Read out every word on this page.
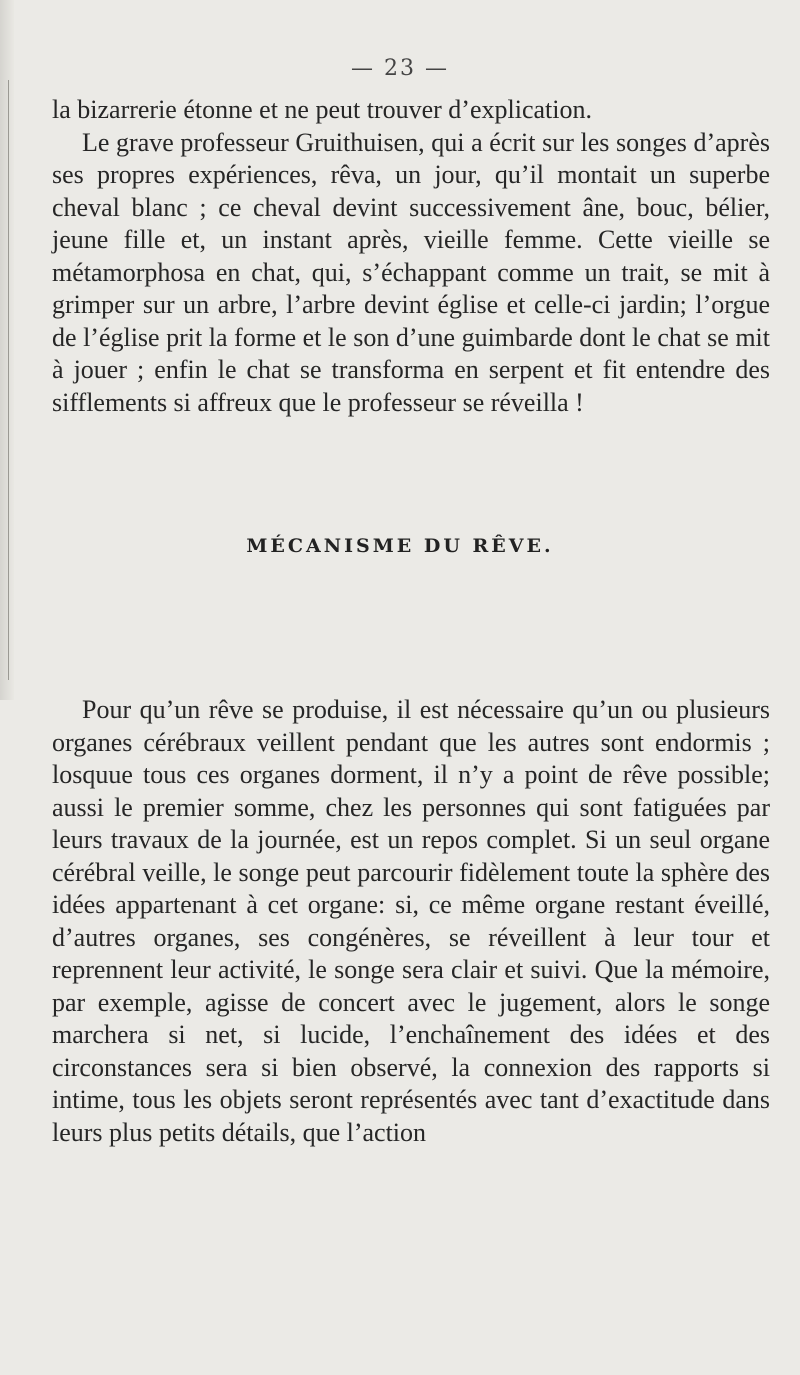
— 23 —

la bizarrerie étonne et ne peut trouver d’explication.

Le grave professeur Gruithuisen, qui a écrit sur les songes d’après ses propres expériences, rêva, un jour, qu’il montait un superbe cheval blanc ; ce cheval devint successivement âne, bouc, bélier, jeune fille et, un instant après, vieille femme. Cette vieille se métamorphosa en chat, qui, s’échappant comme un trait, se mit à grimper sur un arbre, l’arbre devint église et celle-ci jardin; l’orgue de l’église prit la forme et le son d’une guimbarde dont le chat se mit à jouer ; enfin le chat se transforma en serpent et fit entendre des sifflements si affreux que le professeur se réveilla !

MÉCANISME DU RÊVE.

Pour qu’un rêve se produise, il est nécessaire qu’un ou plusieurs organes cérébraux veillent pendant que les autres sont endormis ; losquue tous ces organes dorment, il n’y a point de rêve possible; aussi le premier somme, chez les personnes qui sont fatiguées par leurs travaux de la journée, est un repos complet. Si un seul organe cérébral veille, le songe peut parcourir fidèlement toute la sphère des idées appartenant à cet organe: si, ce même organe restant éveillé, d’autres organes, ses congénères, se réveillent à leur tour et reprennent leur activité, le songe sera clair et suivi. Que la mémoire, par exemple, agisse de concert avec le jugement, alors le songe marchera si net, si lucide, l’enchaînement des idées et des circonstances sera si bien observé, la connexion des rapports si intime, tous les objets seront représentés avec tant d’exactitude dans leurs plus petits détails, que l’action
